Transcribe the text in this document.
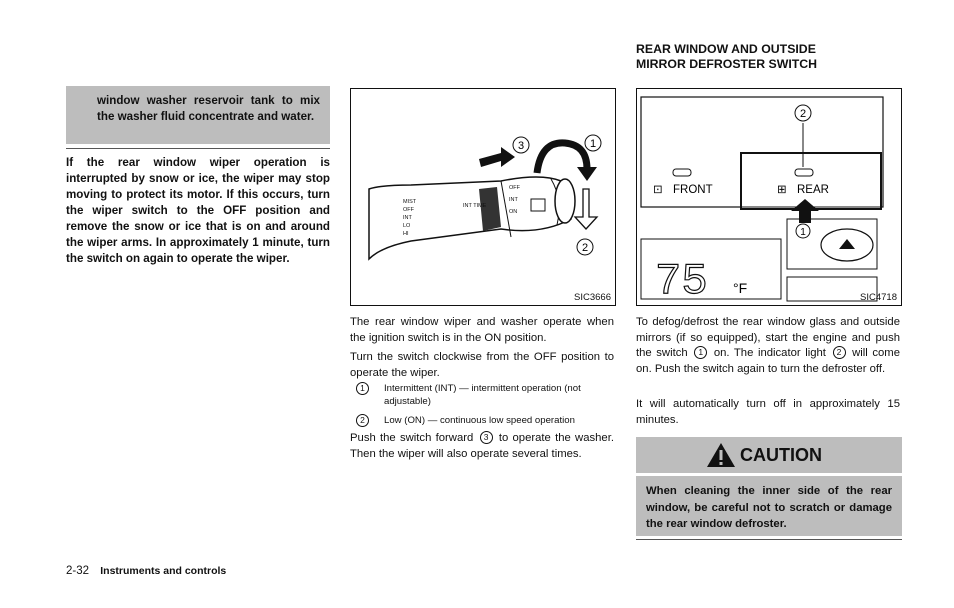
window washer reservoir tank to mix the washer fluid concentrate and water.
If the rear window wiper operation is interrupted by snow or ice, the wiper may stop moving to protect its motor. If this occurs, turn the wiper switch to the OFF position and remove the snow or ice that is on and around the wiper arms. In approximately 1 minute, turn the switch on again to operate the wiper.
3	1
2
MIST
OFF
INT
LO
HI
INT TIME
OFF
INT
ON
SIC3666
The rear window wiper and washer operate when the ignition switch is in the ON position.
Turn the switch clockwise from the OFF position to operate the wiper.
1	Intermittent (INT) — intermittent operation (not adjustable)
2	Low (ON) — continuous low speed operation
Push the switch forward 3 to operate the washer. Then the wiper will also operate several times.
REAR WINDOW AND OUTSIDE
MIRROR DEFROSTER SWITCH
2
⊡ FRONT	⊞ REAR
1
75 °F
SIC4718
To defog/defrost the rear window glass and outside mirrors (if so equipped), start the engine and push the switch 1 on. The indicator light 2 will come on. Push the switch again to turn the defroster off.
It will automatically turn off in approximately 15 minutes.
CAUTION
When cleaning the inner side of the rear window, be careful not to scratch or damage the rear window defroster.
2-32 Instruments and controls
